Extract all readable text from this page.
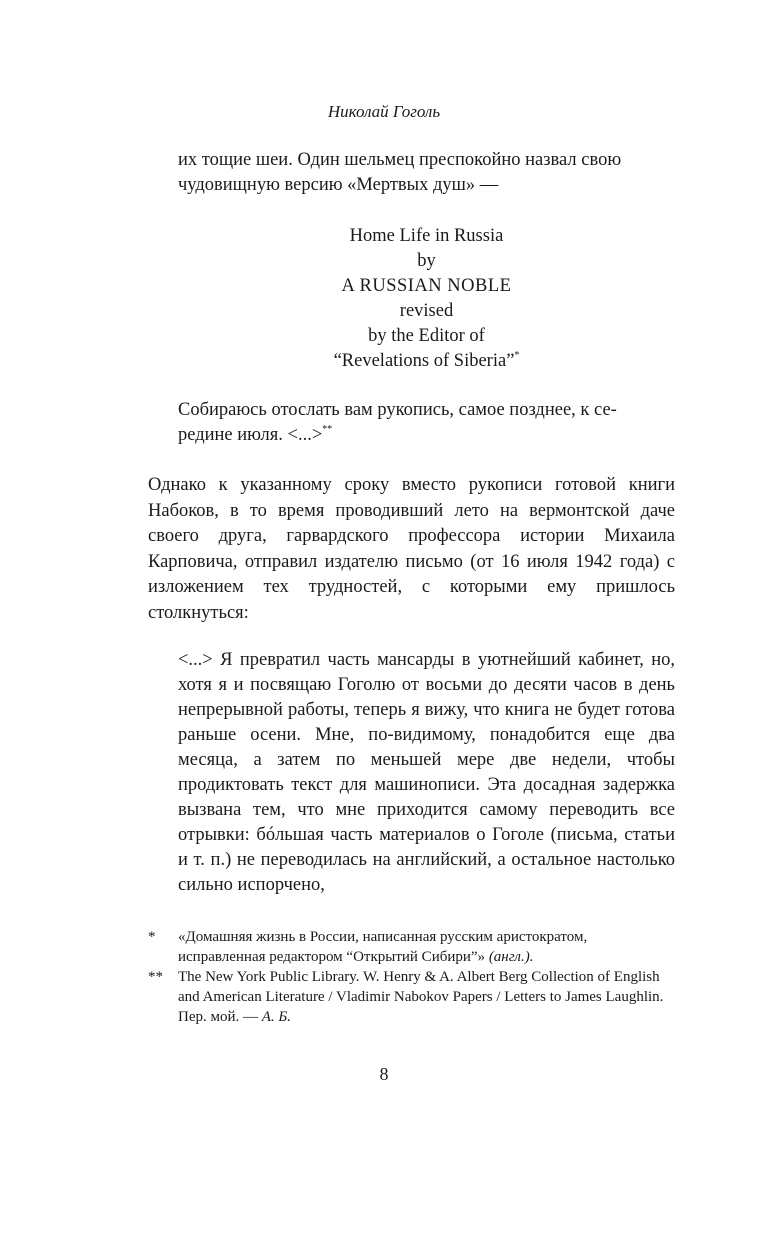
Николай Гоголь

их тощие шеи. Один шельмец преспокойно назвал свою

чудовищную версию «Мертвых душ» —

Home Life in Russia
by
A RUSSIAN NOBLE
revised
by the Editor of
“Revelations of Siberia”*

Собираюсь отослать вам рукопись, самое позднее, к се-

редине июля. <...>**

Однако к указанному сроку вместо рукописи готовой книги Набоков, в то время проводивший лето на вермонтской даче своего друга, гарвардского профессора истории Михаила Карповича, отправил издателю письмо (от 16 июля 1942 года) с изложением тех трудностей, с которыми ему пришлось столкнуться:

<...> Я превратил часть мансарды в уютнейший кабинет, но, хотя я и посвящаю Гоголю от восьми до десяти часов в день непрерывной работы, теперь я вижу, что книга не будет готова раньше осени. Мне, по-видимому, понадобится еще два месяца, а затем по меньшей мере две недели, чтобы продиктовать текст для машинописи. Эта досадная задержка вызвана тем, что мне приходится самому переводить все отрывки: бóльшая часть материалов о Гоголе (письма, статьи и т. п.) не переводилась на английский, а остальное настолько сильно испорчено,

* «Домашняя жизнь в России, написанная русским аристократом, исправленная редактором “Открытий Сибири”» (англ.).
** The New York Public Library. W. Henry & A. Albert Berg Collection of English and American Literature / Vladimir Nabokov Papers / Letters to James Laughlin. Пер. мой. — А. Б.
8
